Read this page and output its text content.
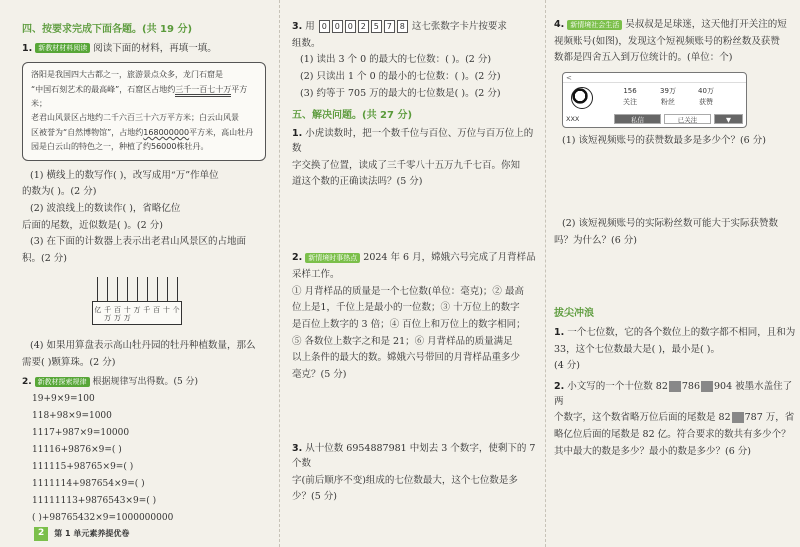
四、按要求完成下面各题。(共 19 分)
1. 新教材材料阅读 阅读下面的材料，再填一填。
洛阳是我国四大古都之一，旅游景点众多，龙门石窟是
“中国石刻艺术的最高峰”，石窟区占地约三千一百七十万平方米；
老君山风景区占地约二千六百三十六万平方米；白云山风景
区被誉为“自然博物馆”，占地约168000000平方米，高山牡丹
园是白云山的特色之一，种植了约56000株牡丹。
(1) 横线上的数写作( )，改写成用“万”作单位
的数为( )。(2 分)
(2) 波浪线上的数读作( )，省略亿位
后面的尾数，近似数是( )。(2 分)
(3) 在下面的计数器上表示出老君山风景区的占地面
积。(2 分)
亿 千万
百万
十万
万 千 百 十 个
(4) 如果用算盘表示高山牡丹园的牡丹种植数量，那么
需要( )颗算珠。(2 分)
2. 新教材探索规律 根据规律写出得数。(5 分)
19+9×9=100
118+98×9=1000
1117+987×9=10000
11116+9876×9=( )
111115+98765×9=( )
1111114+987654×9=( )
11111113+9876543×9=( )
( )+98765432×9=1000000000
3. 用 0 0 0 2 5 7 8 这七张数字卡片按要求
组数。
(1) 读出 3 个 0 的最大的七位数：( )。(2 分)
(2) 只读出 1 个 0 的最小的七位数：( )。(2 分)
(3) 约等于 705 万的最大的七位数是( )。(2 分)
五、解决问题。(共 27 分)
1. 小虎读数时，把一个数千位与百位、万位与百万位上的数
字交换了位置，读成了三千零八十五万九千七百。你知
道这个数的正确读法吗？(5 分)
2. 新情境时事热点 2024 年 6 月，嫦娥六号完成了月背样品
采样工作。
① 月背样品的质量是一个七位数(单位：毫克)；② 最高
位上是1，千位上是最小的一位数；③ 十万位上的数字
是百位上数字的 3 倍；④ 百位上和万位上的数字相同；
⑤ 各数位上数字之和是 21；⑥ 月背样品的质量满足
以上条件的最大的数。嫦娥六号带回的月背样品重多少
毫克？(5 分)
3. 从十位数 6954887981 中划去 3 个数字，使剩下的 7 个数
字(前后顺序不变)组成的七位数最大，这个七位数是多
少？(5 分)
4. 新情境社会生活 吴叔叔是足球迷，这天他打开关注的短
视频账号(如图)，发现这个短视频账号的粉丝数及获赞
数都是四舍五入到万位统计的。(单位：个)
<
156
关注
39万
粉丝
40万
获赞
XXX	私信	已关注	▼
(1) 该短视频账号的获赞数最多是多少个？(6 分)
(2) 该短视频账号的实际粉丝数可能大于实际获赞数
吗？为什么？(6 分)
拔尖冲浪
1. 一个七位数，它的各个数位上的数字都不相同，且和为
33，这个七位数最大是( )，最小是( )。
(4 分)
2. 小文写的一个十位数 82 786 904 被墨水盖住了两
个数字，这个数省略万位后面的尾数是 82 787 万，省
略亿位后面的尾数是 82 亿。符合要求的数共有多少个？
其中最大的数是多少？最小的数是多少？(6 分)
2	第 1 单元素养提优卷
